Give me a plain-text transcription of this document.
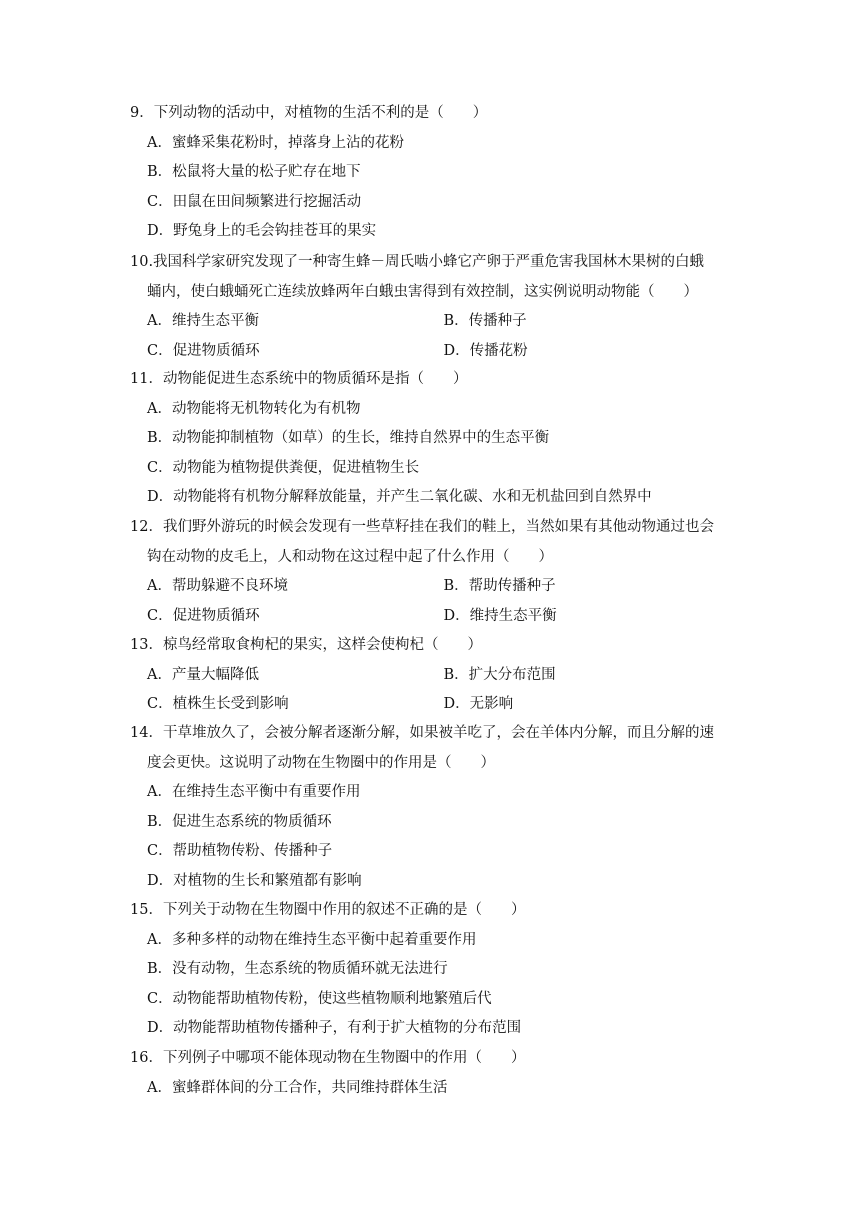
9．下列动物的活动中，对植物的生活不利的是（　　）
A．蜜蜂采集花粉时，掉落身上沾的花粉
B．松鼠将大量的松子贮存在地下
C．田鼠在田间频繁进行挖掘活动
D．野兔身上的毛会钩挂苍耳的果实
10.我国科学家研究发现了一种寄生蜂－周氏啮小蜂它产卵于严重危害我国林木果树的白蛾
蛹内，使白蛾蛹死亡连续放蜂两年白蛾虫害得到有效控制，这实例说明动物能（　　）
A．维持生态平衡	B．传播种子
C．促进物质循环	D．传播花粉
11．动物能促进生态系统中的物质循环是指（　　）
A．动物能将无机物转化为有机物
B．动物能抑制植物（如草）的生长，维持自然界中的生态平衡
C．动物能为植物提供粪便，促进植物生长
D．动物能将有机物分解释放能量，并产生二氧化碳、水和无机盐回到自然界中
12．我们野外游玩的时候会发现有一些草籽挂在我们的鞋上，当然如果有其他动物通过也会
钩在动物的皮毛上，人和动物在这过程中起了什么作用（　　）
A．帮助躲避不良环境	B．帮助传播种子
C．促进物质循环	D．维持生态平衡
13．椋鸟经常取食枸杞的果实，这样会使枸杞（　　）
A．产量大幅降低	B．扩大分布范围
C．植株生长受到影响	D．无影响
14．干草堆放久了，会被分解者逐渐分解，如果被羊吃了，会在羊体内分解，而且分解的速
度会更快。这说明了动物在生物圈中的作用是（　　）
A．在维持生态平衡中有重要作用
B．促进生态系统的物质循环
C．帮助植物传粉、传播种子
D．对植物的生长和繁殖都有影响
15．下列关于动物在生物圈中作用的叙述不正确的是（　　）
A．多种多样的动物在维持生态平衡中起着重要作用
B．没有动物，生态系统的物质循环就无法进行
C．动物能帮助植物传粉，使这些植物顺利地繁殖后代
D．动物能帮助植物传播种子，有利于扩大植物的分布范围
16．下列例子中哪项不能体现动物在生物圈中的作用（　　）
A．蜜蜂群体间的分工合作，共同维持群体生活
